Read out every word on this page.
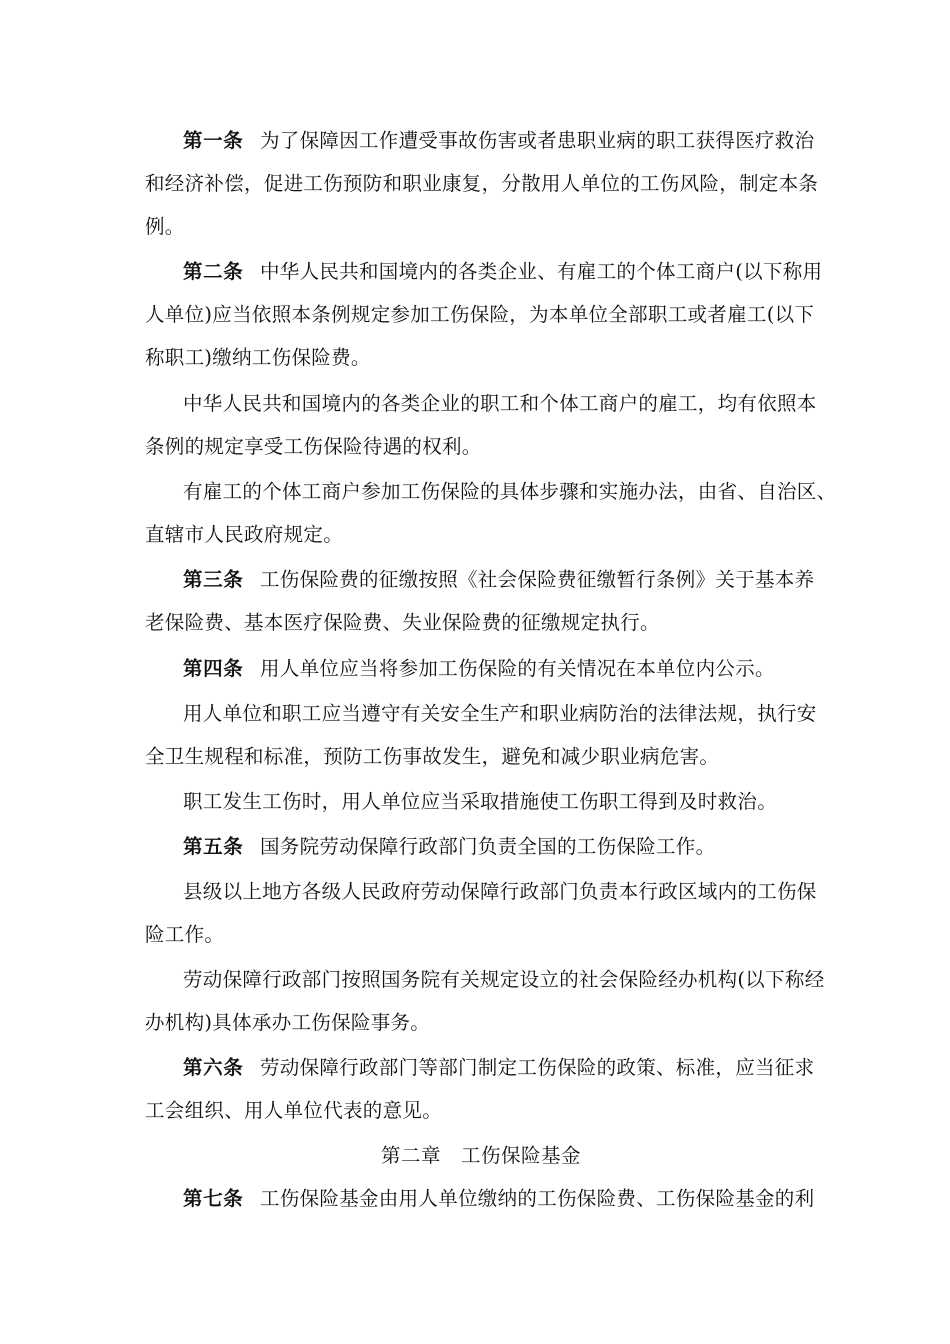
第一条 为了保障因工作遭受事故伤害或者患职业病的职工获得医疗救治
和经济补偿，促进工伤预防和职业康复，分散用人单位的工伤风险，制定本条
例。
第二条 中华人民共和国境内的各类企业、有雇工的个体工商户(以下称用
人单位)应当依照本条例规定参加工伤保险，为本单位全部职工或者雇工(以下
称职工)缴纳工伤保险费。
中华人民共和国境内的各类企业的职工和个体工商户的雇工，均有依照本
条例的规定享受工伤保险待遇的权利。
有雇工的个体工商户参加工伤保险的具体步骤和实施办法，由省、自治区、
直辖市人民政府规定。
第三条 工伤保险费的征缴按照《社会保险费征缴暂行条例》关于基本养
老保险费、基本医疗保险费、失业保险费的征缴规定执行。
第四条 用人单位应当将参加工伤保险的有关情况在本单位内公示。
用人单位和职工应当遵守有关安全生产和职业病防治的法律法规，执行安
全卫生规程和标准，预防工伤事故发生，避免和减少职业病危害。
职工发生工伤时，用人单位应当采取措施使工伤职工得到及时救治。
第五条 国务院劳动保障行政部门负责全国的工伤保险工作。
县级以上地方各级人民政府劳动保障行政部门负责本行政区域内的工伤保
险工作。
劳动保障行政部门按照国务院有关规定设立的社会保险经办机构(以下称经
办机构)具体承办工伤保险事务。
第六条 劳动保障行政部门等部门制定工伤保险的政策、标准，应当征求
工会组织、用人单位代表的意见。
第二章　工伤保险基金
第七条 工伤保险基金由用人单位缴纳的工伤保险费、工伤保险基金的利
